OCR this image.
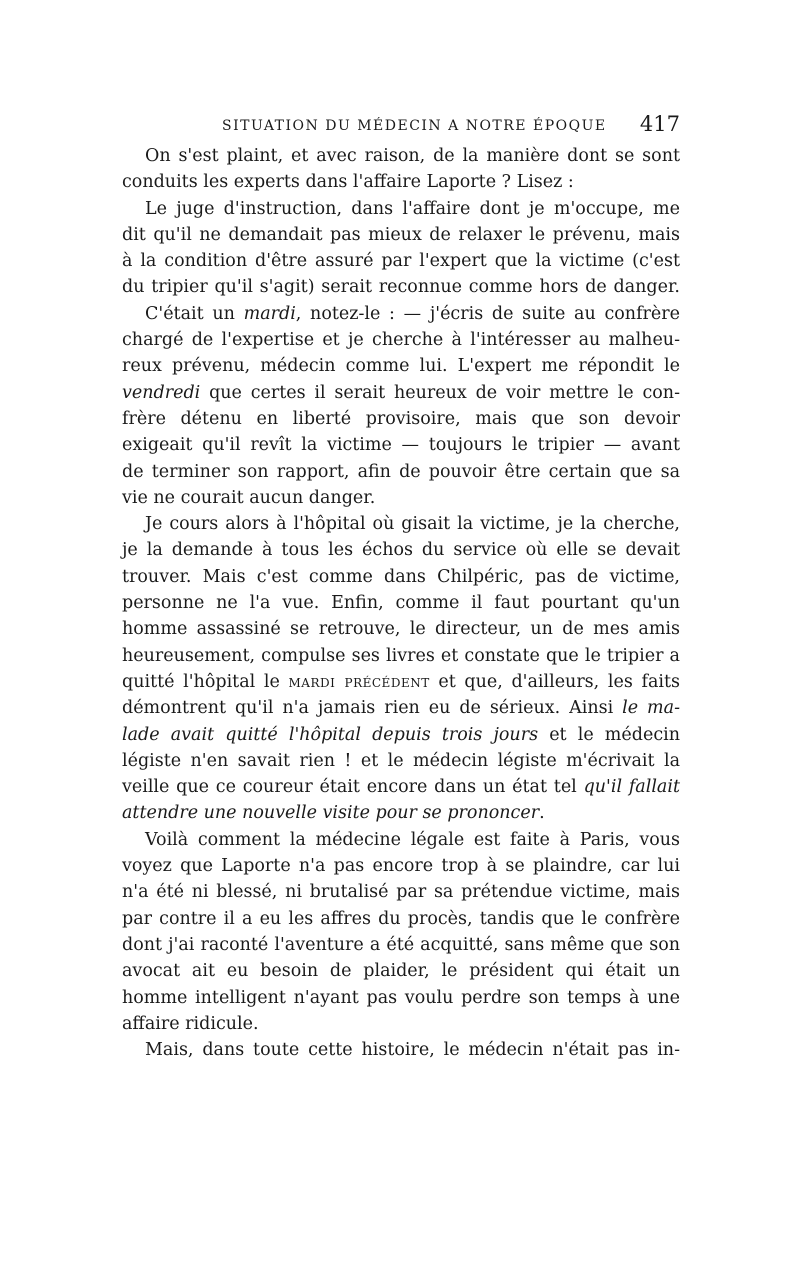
SITUATION DU MÉDECIN A NOTRE ÉPOQUE 417

On s'est plaint, et avec raison, de la manière dont se sont
conduits les experts dans l'affaire Laporte ? Lisez :

Le juge d'instruction, dans l'affaire dont je m'occupe, me
dit qu'il ne demandait pas mieux de relaxer le prévenu, mais
à la condition d'être assuré par l'expert que la victime (c'est
du tripier qu'il s'agit) serait reconnue comme hors de danger.

C'était un mardi, notez-le : — j'écris de suite au confrère
chargé de l'expertise et je cherche à l'intéresser au malheu-
reux prévenu, médecin comme lui. L'expert me répondit le
vendredi que certes il serait heureux de voir mettre le con-
frère détenu en liberté provisoire, mais que son devoir
exigeait qu'il revît la victime — toujours le tripier — avant
de terminer son rapport, afin de pouvoir être certain que sa
vie ne courait aucun danger.

Je cours alors à l'hôpital où gisait la victime, je la cherche,
je la demande à tous les échos du service où elle se devait
trouver. Mais c'est comme dans Chilpéric, pas de victime,
personne ne l'a vue. Enfin, comme il faut pourtant qu'un
homme assassiné se retrouve, le directeur, un de mes amis
heureusement, compulse ses livres et constate que le tripier a
quitté l'hôpital le mardi précédent et que, d'ailleurs, les faits
démontrent qu'il n'a jamais rien eu de sérieux. Ainsi le ma-
lade avait quitté l'hôpital depuis trois jours et le médecin
légiste n'en savait rien ! et le médecin légiste m'écrivait la
veille que ce coureur était encore dans un état tel qu'il fallait
attendre une nouvelle visite pour se prononcer.

Voilà comment la médecine légale est faite à Paris, vous
voyez que Laporte n'a pas encore trop à se plaindre, car lui
n'a été ni blessé, ni brutalisé par sa prétendue victime, mais
par contre il a eu les affres du procès, tandis que le confrère
dont j'ai raconté l'aventure a été acquitté, sans même que son
avocat ait eu besoin de plaider, le président qui était un
homme intelligent n'ayant pas voulu perdre son temps à une
affaire ridicule.

Mais, dans toute cette histoire, le médecin n'était pas in-
